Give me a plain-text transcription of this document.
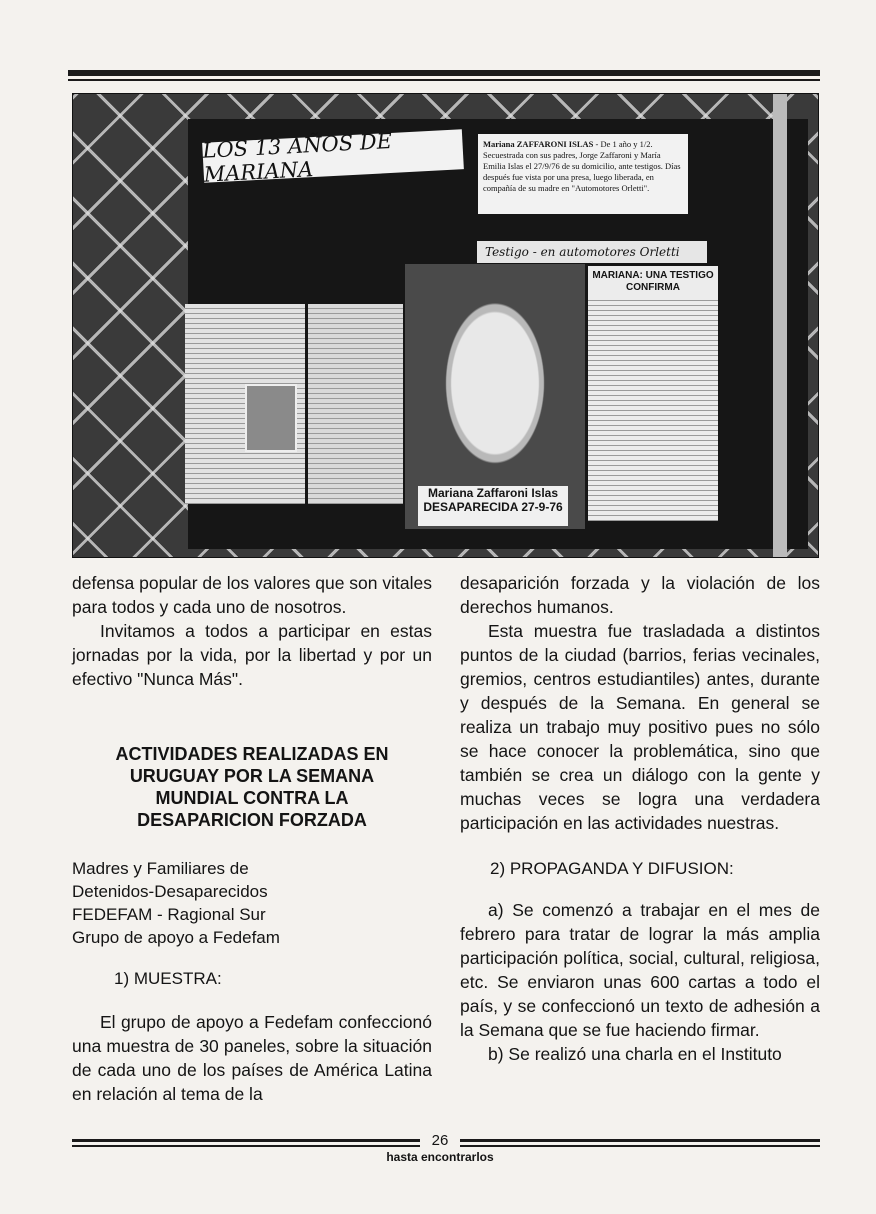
LOS 13 AÑOS DE MARIANA
Mariana ZAFFARONI ISLAS - De 1 año y 1/2. Secuestrada con sus padres, Jorge Zaffaroni y María Emilia Islas el 27/9/76 de su domicilio, ante testigos. Días después fue vista por una presa, luego liberada, en compañía de su madre en "Automotores Orletti".
Testigo - en automotores Orletti
Mariana Zaffaroni Islas
DESAPARECIDA 27-9-76
MARIANA: UNA TESTIGO CONFIRMA

defensa popular de los valores que son vitales para todos y cada uno de nosotros.

Invitamos a todos a participar en estas jornadas por la vida, por la libertad y por un efectivo "Nunca Más".

ACTIVIDADES REALIZADAS EN URUGUAY POR LA SEMANA MUNDIAL CONTRA LA DESAPARICION FORZADA

Madres y Familiares de

Detenidos-Desaparecidos

FEDEFAM - Ragional Sur

Grupo de apoyo a Fedefam

1) MUESTRA:

El grupo de apoyo a Fedefam confeccionó una muestra de 30 paneles, sobre la situación de cada uno de los países de América Latina en relación al tema de la

desaparición forzada y la violación de los derechos humanos.

Esta muestra fue trasladada a distintos puntos de la ciudad (barrios, ferias vecinales, gremios, centros estudiantiles) antes, durante y después de la Semana. En general se realiza un trabajo muy positivo pues no sólo se hace conocer la problemática, sino que también se crea un diálogo con la gente y muchas veces se logra una verdadera participación en las actividades nuestras.

2) PROPAGANDA Y DIFUSION:

a) Se comenzó a trabajar en el mes de febrero para tratar de lograr la más amplia participación política, social, cultural, religiosa, etc. Se enviaron unas 600 cartas a todo el país, y se confeccionó un texto de adhesión a la Semana que se fue haciendo firmar.

b) Se realizó una charla en el Instituto

26
hasta encontrarlos
